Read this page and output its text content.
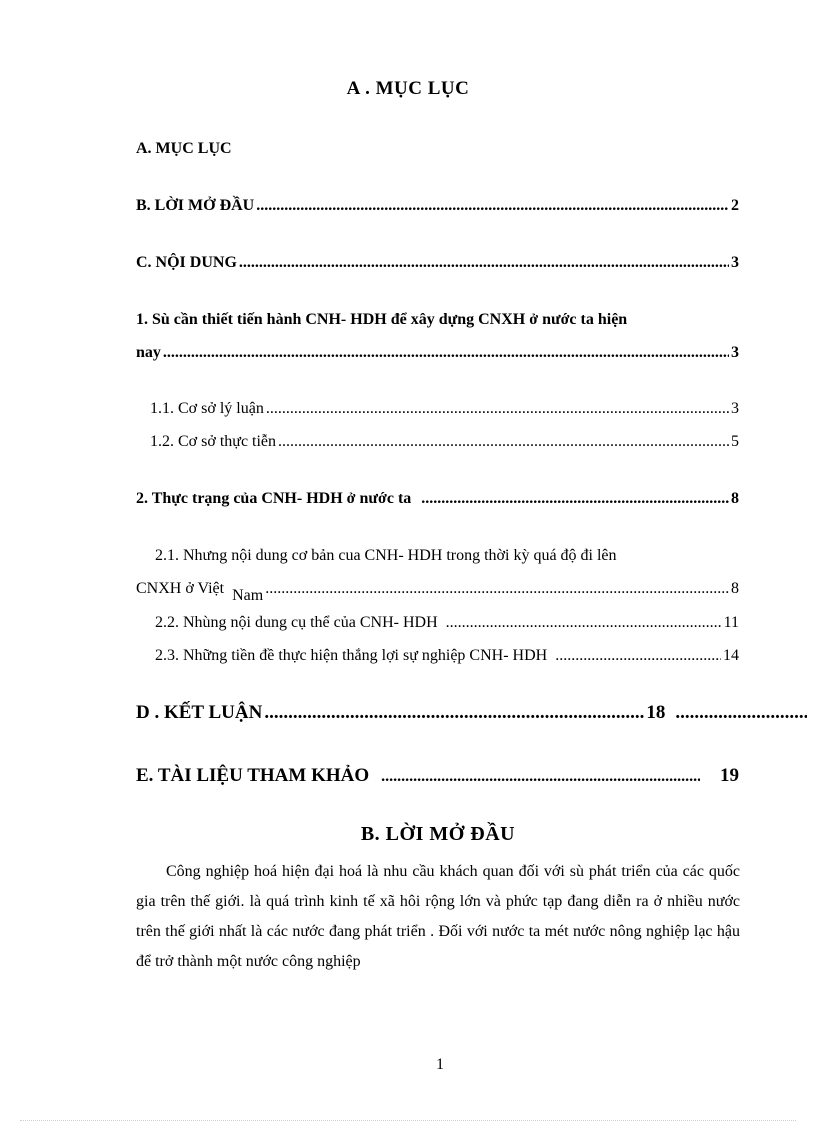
A . MỤC LỤC
A. MỤC LỤC
B. LỜI MỞ ĐẦU .....	2
C. NỘI DUNG .....	3
1. Sù cần thiết tiến hành CNH- HDH để xây dựng CNXH ở nước ta hiện
nay .....	3
1.1. Cơ sở lý luận .....	3
1.2. Cơ sở thực tiễn .....	5
2. Thực trạng của CNH- HDH ở nước ta .....	8
2.1. Nhưng nội dung cơ bản cua CNH- HDH trong thời kỳ quá độ đi lên
CNXH ở Việt Nam .....	8
2.2. Nhùng nội dung cụ thể của CNH- HDH .....	11
2.3. Những tiền đề thực hiện thắng lợi sự nghiệp CNH- HDH .....	14
D . KẾT LUẬN .....	18
.....
E. TÀI LIỆU THAM KHẢO .....	19
B. LỜI MỞ ĐẦU
Công nghiệp hoá hiện đại hoá là nhu cầu khách quan đối với sù phát triển của các quốc gia trên thế giới. là quá trình kinh tế xã hôi rộng lớn và phức tạp đang diễn ra ở nhiều nước trên thế giới nhất là các nước đang phát triển . Đối với nước ta mét nước nông nghiệp lạc hậu để trở thành một nước công nghiệp
1
